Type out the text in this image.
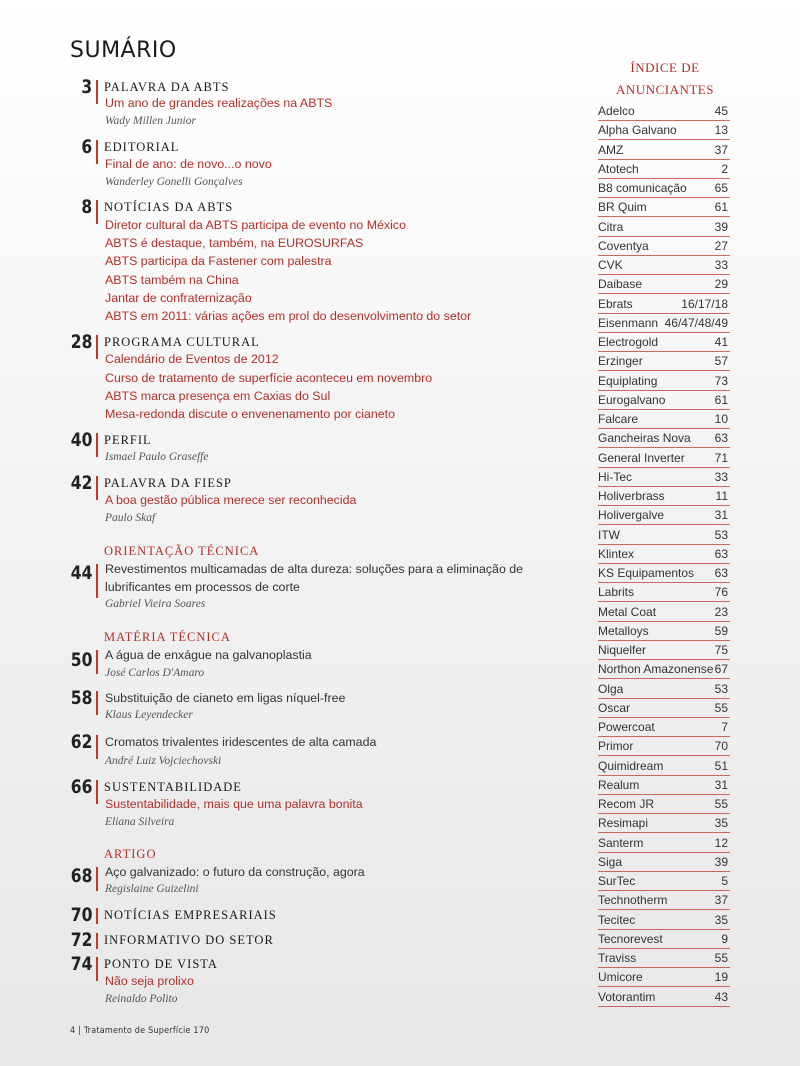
SUMÁRIO
3 PALAVRA DA ABTS
Um ano de grandes realizações na ABTS
Wady Millen Junior
6 EDITORIAL
Final de ano: de novo...o novo
Wanderley Gonelli Gonçalves
8 NOTÍCIAS DA ABTS
Diretor cultural da ABTS participa de evento no México
ABTS é destaque, também, na EUROSURFAS
ABTS participa da Fastener com palestra
ABTS também na China
Jantar de confraternização
ABTS em 2011: várias ações em prol do desenvolvimento do setor
28 PROGRAMA CULTURAL
Calendário de Eventos de 2012
Curso de tratamento de superfície aconteceu em novembro
ABTS marca presença em Caxias do Sul
Mesa-redonda discute o envenenamento por cianeto
40 PERFIL
Ismael Paulo Graseffe
42 PALAVRA DA FIESP
A boa gestão pública merece ser reconhecida
Paulo Skaf
ORIENTAÇÃO TÉCNICA
44 Revestimentos multicamadas de alta dureza: soluções para a eliminação de
lubrificantes em processos de corte
Gabriel Vieira Soares
MATÉRIA TÉCNICA
50 A água de enxágue na galvanoplastia
José Carlos D'Amaro
58 Substituição de cianeto em ligas níquel-free
Klaus Leyendecker
62 Cromatos trivalentes iridescentes de alta camada
André Luiz Vojciechovski
66 SUSTENTABILIDADE
Sustentabilidade, mais que uma palavra bonita
Eliana Silveira
ARTIGO
68 Aço galvanizado: o futuro da construção, agora
Regislaine Guizelini
70 NOTÍCIAS EMPRESARIAIS
72 INFORMATIVO DO SETOR
74 PONTO DE VISTA
Não seja prolixo
Reinaldo Polito
4 | Tratamento de Superfície 170
ÍNDICE DE
ANUNCIANTES
Adelco	45
Alpha Galvano	13
AMZ	37
Atotech	2
B8 comunicação 65
BR Quim	61
Citra	39
Coventya	27
CVK	33
Daibase	29
Ebrats	16/17/18
Eisenmann 46/47/48/49
Electrogold	41
Erzinger	57
Equiplating	73
Eurogalvano	61
Falcare	10
Gancheiras Nova 63
General Inverter 71
Hi-Tec	33
Holiverbrass	11
Holivergalve	31
ITW	53
Klintex	63
KS Equipamentos 63
Labrits	76
Metal Coat	23
Metalloys	59
Niquelfer	75
Northon Amazonense 67
Olga	53
Oscar	55
Powercoat	7
Primor	70
Quimidream	51
Realum	31
Recom JR	55
Resimapi	35
Santerm	12
Siga	39
SurTec	5
Technotherm	37
Tecitec	35
Tecnorevest	9
Traviss	55
Umicore	19
Votorantim	43
